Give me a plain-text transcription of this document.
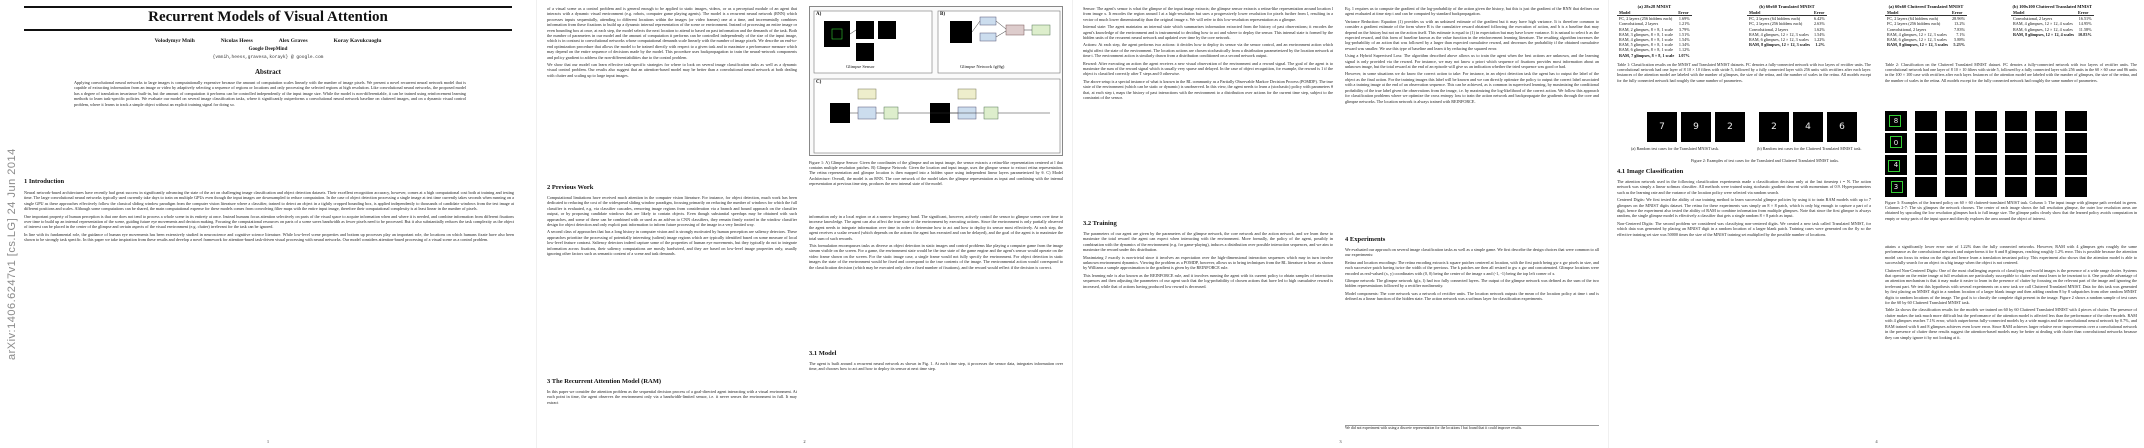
arXiv:1406.6247v1 [cs.LG] 24 Jun 2014
Recurrent Models of Visual Attention
Volodymyr Mnih	Nicolas Heess	Alex Graves	Koray Kavukcuoglu
Google DeepMind
{vmnih,heess,gravesa,korayk} @ google.com
Abstract

Applying convolutional neural networks to large images is computationally expensive because the amount of computation scales linearly with the number of image pixels. We present a novel recurrent neural network model that is capable of extracting information from an image or video by adaptively selecting a sequence of regions or locations and only processing the selected regions at high resolution. Like convolutional neural networks, the proposed model has a degree of translation invariance built-in, but the amount of computation it performs can be controlled independently of the input image size. While the model is non-differentiable, it can be trained using reinforcement learning methods to learn task-specific policies. We evaluate our model on several image classification tasks, where it significantly outperforms a convolutional neural network baseline on cluttered images, and on a dynamic visual control problem, where it learns to track a simple object without an explicit training signal for doing so.

1 Introduction

Neural network-based architectures have recently had great success in significantly advancing the state of the art on challenging image classification and object detection datasets. Their excellent recognition accuracy, however, comes at a high computational cost both at training and testing time. The large convolutional neural networks typically used currently take days to train on multiple GPUs even though the input images are downsampled to reduce computation. In the case of object detection processing a single image at test time currently takes seconds when running on a single GPU as these approaches effectively follow the classical sliding window paradigm from the computer vision literature where a classifier, trained to detect an object in a tightly cropped bounding box, is applied independently to thousands of candidate windows from the test image at different positions and scales. Although some computations can be shared, the main computational expense for these models comes from convolving filter maps with the entire input image, therefore their computational complexity is at least linear in the number of pixels.

One important property of human perception is that one does not tend to process a whole scene in its entirety at once. Instead humans focus attention selectively on parts of the visual space to acquire information when and where it is needed, and combine information from different fixations over time to build up an internal representation of the scene, guiding future eye movements and decision making. Focusing the computational resources on parts of a scene saves bandwidth as fewer pixels need to be processed. But it also substantially reduces the task complexity as the object of interest can be placed in the center of the glimpse and certain aspects of the visual environment (e.g. clutter) irrelevant for the task can be ignored.

In line with its fundamental role, the guidance of human eye movements has been extensively studied in neuroscience and cognitive science literature. While low-level scene properties and bottom up processes play an important role, the locations on which humans fixate have also been shown to be strongly task specific. In this paper we take inspiration from these results and develop a novel framework for attention-based task-driven visual processing with neural networks. Our model considers attention-based processing of a visual scene as a control problem.

1

of a visual scene as a control problem and is general enough to be applied to static images, videos, or as a perceptual module of an agent that interacts with a dynamic visual environment (e.g. robots, computer game playing agents). The model is a recurrent neural network (RNN) which processes inputs sequentially, attending to different locations within the images (or video frames) one at a time, and incrementally combines information from these fixations to build up a dynamic internal representation of the scene or environment. Instead of processing an entire image or even bounding box at once, at each step, the model selects the next location to attend to based on past information and the demands of the task. Both the number of parameters in our model and the amount of computation it performs can be controlled independently of the size of the input image, which is in contrast to convolutional networks whose computational demands scale linearly with the number of image pixels. We describe an end-to-end optimization procedure that allows the model to be trained directly with respect to a given task and to maximize a performance measure which may depend on the entire sequence of decisions made by the model. This procedure uses backpropagation to train the neural-network components and policy gradient to address the non-differentiabilities due to the control problem.

We show that our model can learn effective task-specific strategies for where to look on several image classification tasks as well as a dynamic visual control problem. Our results also suggest that an attention-based model may be better than a convolutional neural network at both dealing with clutter and scaling up to large input images.

2 Previous Work

Computational limitations have received much attention in the computer vision literature. For instance, for object detection, much work has been dedicated to reducing the cost of the widespread sliding window paradigm, focusing primarily on reducing the number of windows for which the full classifier is evaluated, e.g. via classifier cascades, removing image regions from consideration via a branch and bound approach on the classifier output, or by proposing candidate windows that are likely to contain objects. Even though substantial speedups may be obtained with such approaches, and some of these can be combined with or used as an add-on to CNN classifiers, they remain firmly rooted in the window classifier design for object detection and only exploit past information to inform future processing of the image in a very limited way.

A second class of approaches that has a long history in computer vision and is strongly motivated by human perception are saliency detectors. These approaches prioritize the processing of potentially interesting (salient) image regions which are typically identified based on some measure of local low-level feature contrast. Saliency detectors indeed capture some of the properties of human eye movements, but they typically do not to integrate information across fixations, their saliency computations are mostly hardwired, and they are based on low-level image properties only, usually ignoring other factors such as semantic content of a scene and task demands.

3 The Recurrent Attention Model (RAM)

In this paper we consider the attention problem as the sequential decision process of a goal-directed agent interacting with a visual environment. At each point in time, the agent observes the environment only via a bandwidth-limited sensor, i.e. it never senses the environment in full. It may extract

A)
Glimpse Sensor
B)
Glimpse Network fg(θg)
C)
Figure 1: A) Glimpse Sensor: Given the coordinates of the glimpse and an input image, the sensor extracts a retina-like representation centered at l that contains multiple resolution patches. B) Glimpse Network: Given the location and input image, uses the glimpse sensor to extract retina representation. The retina representation and glimpse location is then mapped into a hidden space using independent linear layers parameterized by θ. C) Model Architecture: Overall, the model is an RNN. The core network of the model takes the glimpse representation as input and combining with the internal representation at previous time step, produces the new internal state of the model.

information only in a local region or at a narrow frequency band. The significant, however, actively control the sensor to glimpse scenes over time to increase knowledge. The agent can also affect the true state of the environment by executing actions. Since the environment is only partially observed the agent needs to integrate information over time in order to determine how to act and how to deploy its sensor most effectively. At each step, the agent receives a scalar reward (which depends on the actions the agent has executed and can be delayed), and the goal of the agent is to maximize the total sum of such rewards.

This formulation encompasses tasks as diverse as object detection in static images and control problems like playing a computer game from the image stream visible on the screen. For a game, the environment state would be the true state of the game engine and the agent's sensor would operate on the video frame shown on the screen. For the static image case, a single frame would not fully specify the environment. For object detection in static images the state of the environment would be fixed and correspond to the true contents of the image. The environmental action would correspond to the classification decision (which may be executed only after a fixed number of fixations), and the reward would reflect if the decision is correct.

3.1 Model

The agent is built around a recurrent neural network as shown in Fig. 1. At each time step, it processes the sensor data, integrates information over time, and chooses how to act and how to deploy its sensor at next time step.

2

Sensor: The agent's sensor is what the glimpse of the input image extracts; the glimpse sensor extracts a retina-like representation around location l from image x. It encodes the region around l at a high-resolution but uses a progressively lower resolution for pixels further from l, resulting in a vector of much lower dimensionality than the original image x. We will refer to this low-resolution representation as a glimpse.

Internal state: The agent maintains an internal state which summarizes information extracted from the history of past observations; it encodes the agent's knowledge of the environment and is instrumental to deciding how to act and where to deploy the sensor. This internal state is formed by the hidden units of the recurrent neural network and updated over time by the core network.

Actions: At each step, the agent performs two actions: it decides how to deploy its sensor via the sensor control, and an environment action which might affect the state of the environment. The location actions are chosen stochastically from a distribution parameterized by the location network at time t. The environment action is similarly drawn from a distribution conditioned on a second network output.

Reward: After executing an action the agent receives a new visual observation of the environment and a reward signal. The goal of the agent is to maximize the sum of the reward signal which is usually very sparse and delayed. In the case of object recognition, for example, the reward is 1 if the object is classified correctly after T steps and 0 otherwise.

The above setup is a special instance of what is known in the RL community as a Partially Observable Markov Decision Process (POMDP). The true state of the environment (which can be static or dynamic) is unobserved. In this view, the agent needs to learn a (stochastic) policy with parameters θ that, at each step t, maps the history of past interactions with the environment to a distribution over actions for the current time step, subject to the constraint of the sensor.

3.2 Training

The parameters of our agent are given by the parameters of the glimpse network, the core network and the action network, and we learn these to maximize the total reward the agent can expect when interacting with the environment. More formally, the policy of the agent, possibly in combination with the dynamics of the environment (e.g. for game-playing), induces a distribution over possible interaction sequences, and we aim to maximize the reward under this distribution.

Maximizing J exactly is non-trivial since it involves an expectation over the high-dimensional interaction sequences which may in turn involve unknown environment dynamics. Viewing the problem as a POMDP, however, allows us to bring techniques from the RL literature to bear: as shown by Williams a sample approximation to the gradient is given by the REINFORCE rule.

This learning rule is also known as the REINFORCE rule, and it involves running the agent with its current policy to obtain samples of interaction sequences and then adjusting the parameters of our agent such that the log-probability of chosen actions that have led to high cumulative reward is increased, while that of actions having produced low reward is decreased.

Eq. 1 requires us to compute the gradient of the log-probability of the action given the history, but this is just the gradient of the RNN that defines our agent evaluated at time step t and can be computed by standard backpropagation.

Variance Reduction: Equation (1) provides us with an unbiased estimate of the gradient but it may have high variance. It is therefore common to consider a gradient estimate of the form where R is the cumulative reward obtained following the execution of action, and b is a baseline that may depend on the history but not on the action itself. This estimate is equal to (1) in expectation but may have lower variance. It is natural to select b as the expected reward, and this form of baseline known as the value function in the reinforcement learning literature. The resulting algorithm increases the log-probability of an action that was followed by a larger than expected cumulative reward, and decreases the probability if the obtained cumulative reward was smaller. We use this type of baseline and learn it by reducing the squared error.

Using a Hybrid Supervised Loss: The algorithm described above allows us to train the agent when the best actions are unknown, and the learning signal is only provided via the reward. For instance, we may not know a priori which sequence of fixations provides most information about an unknown image, but the total reward at the end of an episode will give us an indication whether the tried sequence was good or bad.

However, in some situations we do know the correct action to take: For instance, in an object detection task the agent has to output the label of the object as the final action. For the training images this label will be known and we can directly optimize the policy to output the correct label associated with a training image at the end of an observation sequence. This can be achieved, as is common in supervised learning, by maximizing the conditional probability of the true label given the observations from the image, i.e. by maximizing the log-likelihood of the correct action. We follow this approach for classification problems where we optimize the cross entropy loss to train the action network and backpropagate the gradients through the core and glimpse networks. The location network is always trained with REINFORCE.

4 Experiments

We evaluated our approach on several image classification tasks as well as a simple game. We first describe the design choices that were common to all our experiments:

Retina and location encodings: The retina encoding extracts k square patches centered at location, with the first patch being gw x gw pixels in size, and each successive patch having twice the width of the previous. The k patches are then all resized to gw x gw and concatenated. Glimpse locations were encoded as real-valued (x, y) coordinates with (0, 0) being the center of the image x and (-1, -1) being the top left corner of x.

Glimpse network: The glimpse network fg(x, l) had two fully connected layers. The output of the glimpse network was defined as the sum of the two hidden representations followed by a rectifier nonlinearity.

Model components: The core network was a network of rectifier units. The location network outputs the mean of the location policy at time t and is defined as a linear function of the hidden state. The action network was a softmax layer for classification experiments.

We did not experiment with using a discrete representation for the locations l but found that it could improve results.
3
(a) 28x28 MNIST
Model	Error
FC, 2 layers (256 hiddens each)	1.69%
Convolutional, 2 layers	1.21%
RAM, 2 glimpses, 8 × 8, 1 scale	3.79%
RAM, 3 glimpses, 8 × 8, 1 scale	1.51%
RAM, 4 glimpses, 8 × 8, 1 scale	1.54%
RAM, 5 glimpses, 8 × 8, 1 scale	1.34%
RAM, 6 glimpses, 8 × 8, 1 scale	1.12%
RAM, 7 glimpses, 8 × 8, 1 scale	1.07%
(b) 60x60 Translated MNIST
Model	Error
FC, 2 layers (64 hiddens each)	6.42%
FC, 2 layers (256 hiddens each)	2.63%
Convolutional, 2 layers	1.62%
RAM, 4 glimpses, 12 × 12, 3 scales	1.54%
RAM, 6 glimpses, 12 × 12, 3 scales	1.22%
RAM, 8 glimpses, 12 × 12, 3 scales	1.2%
(a) 60x60 Cluttered Translated MNIST
Model	Error
FC, 2 layers (64 hiddens each)	28.96%
FC, 2 layers (256 hiddens each)	13.2%
Convolutional, 2 layers	7.83%
RAM, 4 glimpses, 12 × 12, 3 scales	7.1%
RAM, 6 glimpses, 12 × 12, 3 scales	5.88%
RAM, 8 glimpses, 12 × 12, 3 scales	5.23%
(b) 100x100 Cluttered Translated MNIST
Model	Error
Convolutional, 2 layers	16.51%
RAM, 4 glimpses, 12 × 12, 4 scales	14.95%
RAM, 6 glimpses, 12 × 12, 4 scales	11.58%
RAM, 8 glimpses, 12 × 12, 4 scales	10.83%
Table 1: Classification results on the MNIST and Translated MNIST datasets. FC denotes a fully-connected network with two layers of rectifier units. The convolutional network had one layer of 8 10 × 10 filters with stride 5, followed by a fully connected layer with 256 units with rectifiers after each layer. Instances of the attention model are labeled with the number of glimpses, the size of the retina, and the number of scales in the retina. All models except for the fully connected network had roughly the same number of parameters.
Table 2: Classification on the Cluttered Translated MNIST dataset. FC denotes a fully-connected network with two layers of rectifier units. The convolutional network had one layer of 8 10 × 10 filters with stride 5, followed by a fully connected layer with 256 units in the 60 × 60 case and 86 units in the 100 × 100 case with rectifiers after each layer. Instances of the attention model are labeled with the number of glimpses, the size of the retina, and the number of scales in the retina. All models except for the fully connected network had roughly the same number of parameters.
7	9	2	2	4	6
(a) Random test cases for the Translated MNIST task.	(b) Random test cases for the Cluttered Translated MNIST task.
Figure 2: Examples of test cases for the Translated and Cluttered Translated MNIST tasks.
8
0
4
3
Figure 3: Examples of the learned policy on 60 × 60 cluttered-translated MNIST task. Column 1: The input image with glimpse path overlaid in green. Columns 2-7: The six glimpses the network chooses. The center of each image shows the full resolution glimpse, the outer low resolution areas are obtained by upscaling the low resolution glimpses back to full image size. The glimpse paths clearly show that the learned policy avoids computation in empty or noisy parts of the input space and directly explores the area around the object of interest.
4.1 Image Classification

The attention network used in the following classification experiments made a classification decision only at the last timestep t = N. The action network was simply a linear softmax classifier. All methods were trained using stochastic gradient descent with momentum of 0.9. Hyperparameters such as the learning rate and the variance of the location policy were selected via random search.

Centered Digits: We first tested the ability of our training method to learn successful glimpse policies by using it to train RAM models with up to 7 glimpses on the MNIST digits dataset. The retina for these experiments was simply an 8 × 8 patch, which is only big enough to capture a part of a digit, hence the experiment also tested the ability of RAM to combine information from multiple glimpses. Note that since the first glimpse is always random, the single glimpse model is effectively a classifier that gets a single random 8 × 8 patch as input.

Non-Centered Digits: The second problem we considered was classifying non-centered digits. We created a new task called Translated MNIST, for which data was generated by placing an MNIST digit in a random location of a larger blank patch. Training cases were generated on the fly so the effective training set size was 50000 times the size of the MNIST training set multiplied by the possible number of locations.

attains a significantly lower error rate of 1.22% than the fully connected networks. However, RAM with 4 glimpses gets roughly the same performance as the convolutional network and outperforms it for 6 and 8 glimpses, reaching roughly 1.2% error. This is possible because the attention model can focus its retina on the digit and hence learn a translation invariant policy. This experiment also shows that the attention model is able to successfully search for an object in a big image when the object is not centered.

Cluttered Non-Centered Digits: One of the most challenging aspects of classifying real-world images is the presence of a wide range clutter. Systems that operate on the entire image at full resolution are particularly susceptible to clutter and must learn to be invariant to it. One possible advantage of an attention mechanism is that it may make it easier to learn in the presence of clutter by focusing on the relevant part of the image and ignoring the irrelevant part. We test this hypothesis with several experiments on a new task we call Cluttered Translated MNIST. Data for this task was generated by first placing an MNIST digit in a random location of a larger blank image and then adding random 8 by 8 subpatches from other random MNIST digits to random locations of the image. The goal is to classify the complete digit present in the image. Figure 2 shows a random sample of test cases for the 60 by 60 Cluttered Translated MNIST task.

Table 2a shows the classification results for the models we trained on 60 by 60 Cluttered Translated MNIST with 4 pieces of clutter. The presence of clutter makes the task much more difficult but the performance of the attention model is affected less than the performance of the other models. RAM with 4 glimpses reaches 7.1% error, which outperforms fully-connected models by a wide margin and the convolutional neural network by 0.7%, and RAM trained with 6 and 8 glimpses achieves even lower error. Since RAM achieves larger relative error improvements over a convolutional network in the presence of clutter these results suggest the attention-based models may be better at dealing with clutter than convolutional networks because they can simply ignore it by not looking at it.

4
